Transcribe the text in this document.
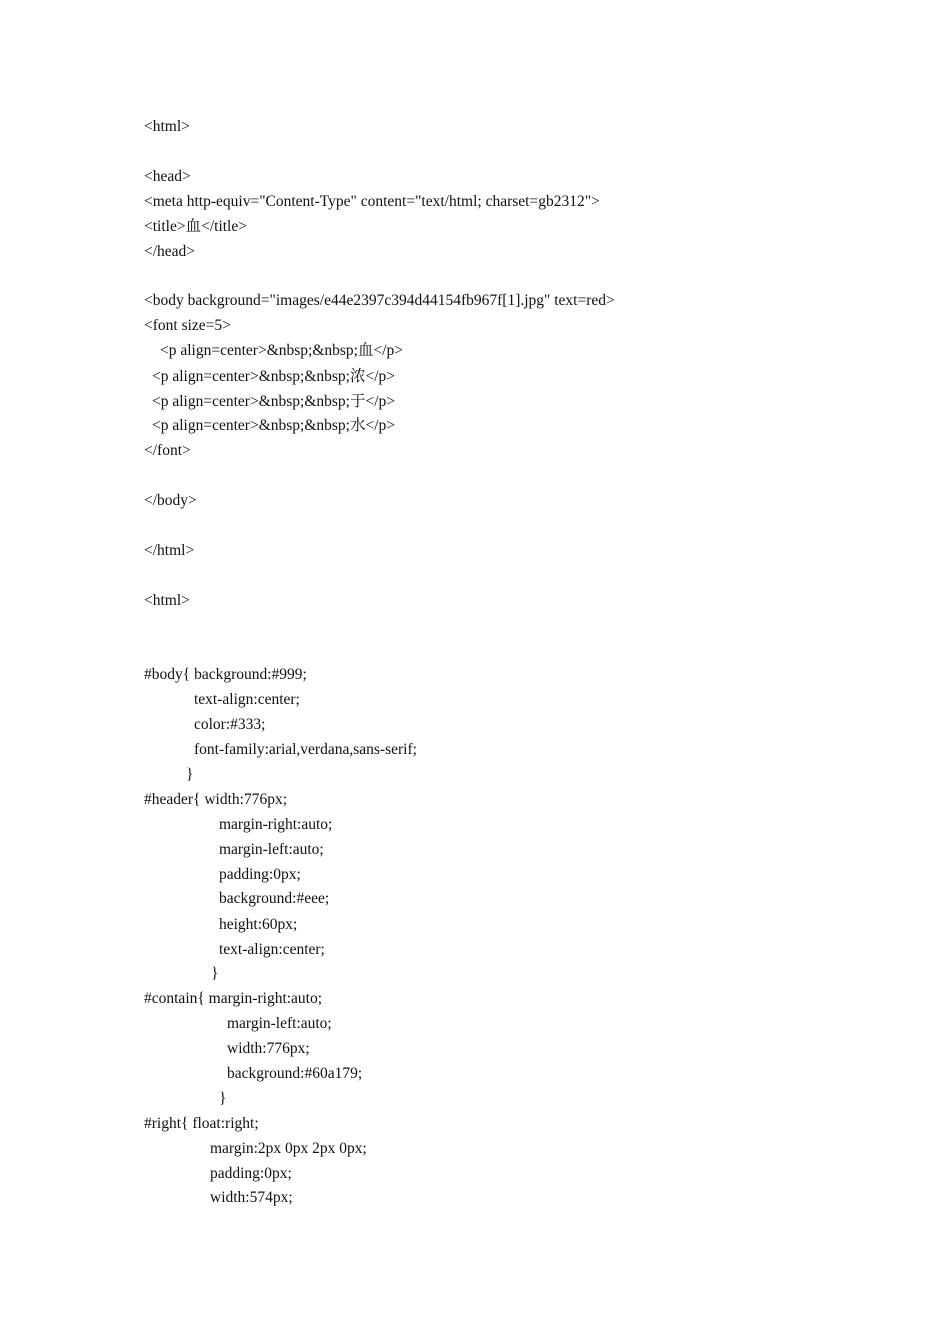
<html>
<head>
<meta http-equiv="Content-Type" content="text/html; charset=gb2312">
<title>血</title>
</head>
<body background="images/e44e2397c394d44154fb967f[1].jpg" text=red>
<font size=5>
<p align=center>&nbsp;&nbsp;血</p>
<p align=center>&nbsp;&nbsp;浓</p>
<p align=center>&nbsp;&nbsp;于</p>
<p align=center>&nbsp;&nbsp;水</p>
</font>
</body>
</html>
<html>
#body{ background:#999;
text-align:center;
color:#333;
font-family:arial,verdana,sans-serif;
}
#header{ width:776px;
margin-right:auto;
margin-left:auto;
padding:0px;
background:#eee;
height:60px;
text-align:center;
}
#contain{ margin-right:auto;
margin-left:auto;
width:776px;
background:#60a179;
}
#right{ float:right;
margin:2px 0px 2px 0px;
padding:0px;
width:574px;
